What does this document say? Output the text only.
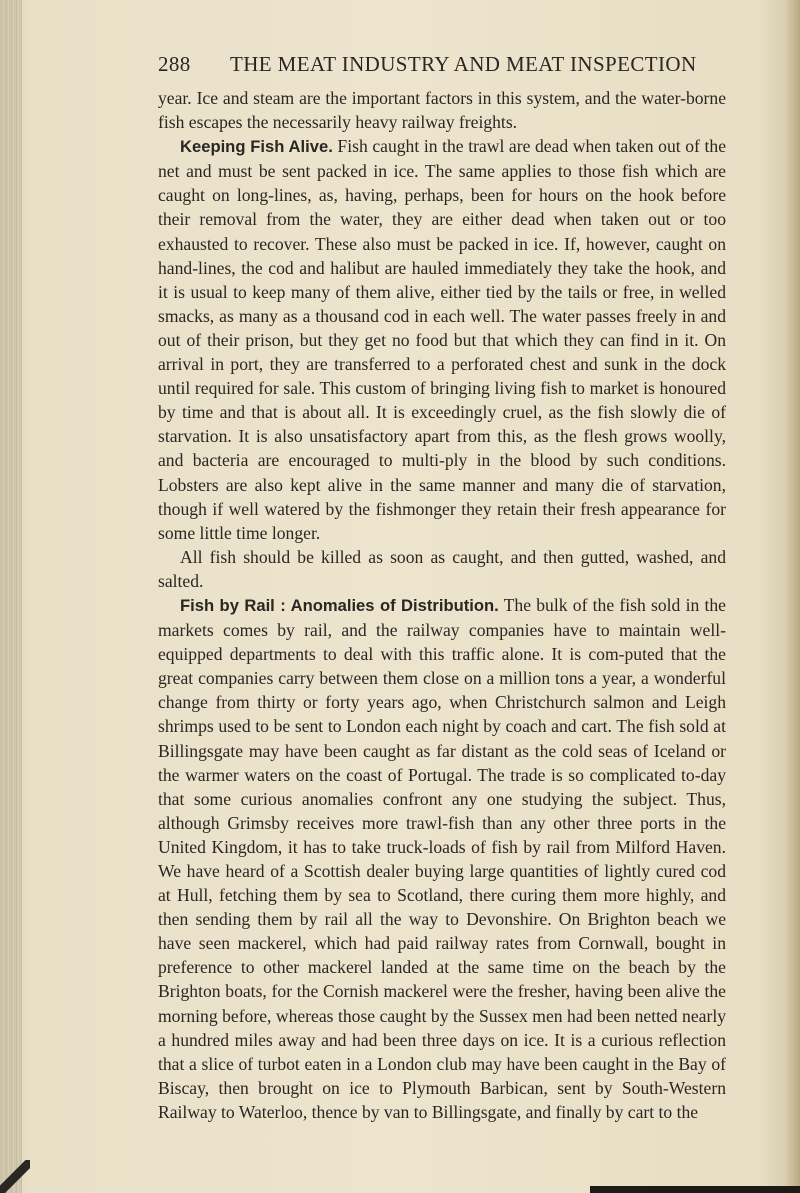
288 THE MEAT INDUSTRY AND MEAT INSPECTION

year. Ice and steam are the important factors in this system, and the water-borne fish escapes the necessarily heavy railway freights.

Keeping Fish Alive. Fish caught in the trawl are dead when taken out of the net and must be sent packed in ice. The same applies to those fish which are caught on long-lines, as, having, perhaps, been for hours on the hook before their removal from the water, they are either dead when taken out or too exhausted to recover. These also must be packed in ice. If, however, caught on hand-lines, the cod and halibut are hauled immediately they take the hook, and it is usual to keep many of them alive, either tied by the tails or free, in welled smacks, as many as a thousand cod in each well. The water passes freely in and out of their prison, but they get no food but that which they can find in it. On arrival in port, they are transferred to a perforated chest and sunk in the dock until required for sale. This custom of bringing living fish to market is honoured by time and that is about all. It is exceedingly cruel, as the fish slowly die of starvation. It is also unsatisfactory apart from this, as the flesh grows woolly, and bacteria are encouraged to multi-ply in the blood by such conditions. Lobsters are also kept alive in the same manner and many die of starvation, though if well watered by the fishmonger they retain their fresh appearance for some little time longer.

All fish should be killed as soon as caught, and then gutted, washed, and salted.

Fish by Rail : Anomalies of Distribution. The bulk of the fish sold in the markets comes by rail, and the railway companies have to maintain well-equipped departments to deal with this traffic alone. It is com-puted that the great companies carry between them close on a million tons a year, a wonderful change from thirty or forty years ago, when Christchurch salmon and Leigh shrimps used to be sent to London each night by coach and cart. The fish sold at Billingsgate may have been caught as far distant as the cold seas of Iceland or the warmer waters on the coast of Portugal. The trade is so complicated to-day that some curious anomalies confront any one studying the subject. Thus, although Grimsby receives more trawl-fish than any other three ports in the United Kingdom, it has to take truck-loads of fish by rail from Milford Haven. We have heard of a Scottish dealer buying large quantities of lightly cured cod at Hull, fetching them by sea to Scotland, there curing them more highly, and then sending them by rail all the way to Devonshire. On Brighton beach we have seen mackerel, which had paid railway rates from Cornwall, bought in preference to other mackerel landed at the same time on the beach by the Brighton boats, for the Cornish mackerel were the fresher, having been alive the morning before, whereas those caught by the Sussex men had been netted nearly a hundred miles away and had been three days on ice. It is a curious reflection that a slice of turbot eaten in a London club may have been caught in the Bay of Biscay, then brought on ice to Plymouth Barbican, sent by South-Western Railway to Waterloo, thence by van to Billingsgate, and finally by cart to the
